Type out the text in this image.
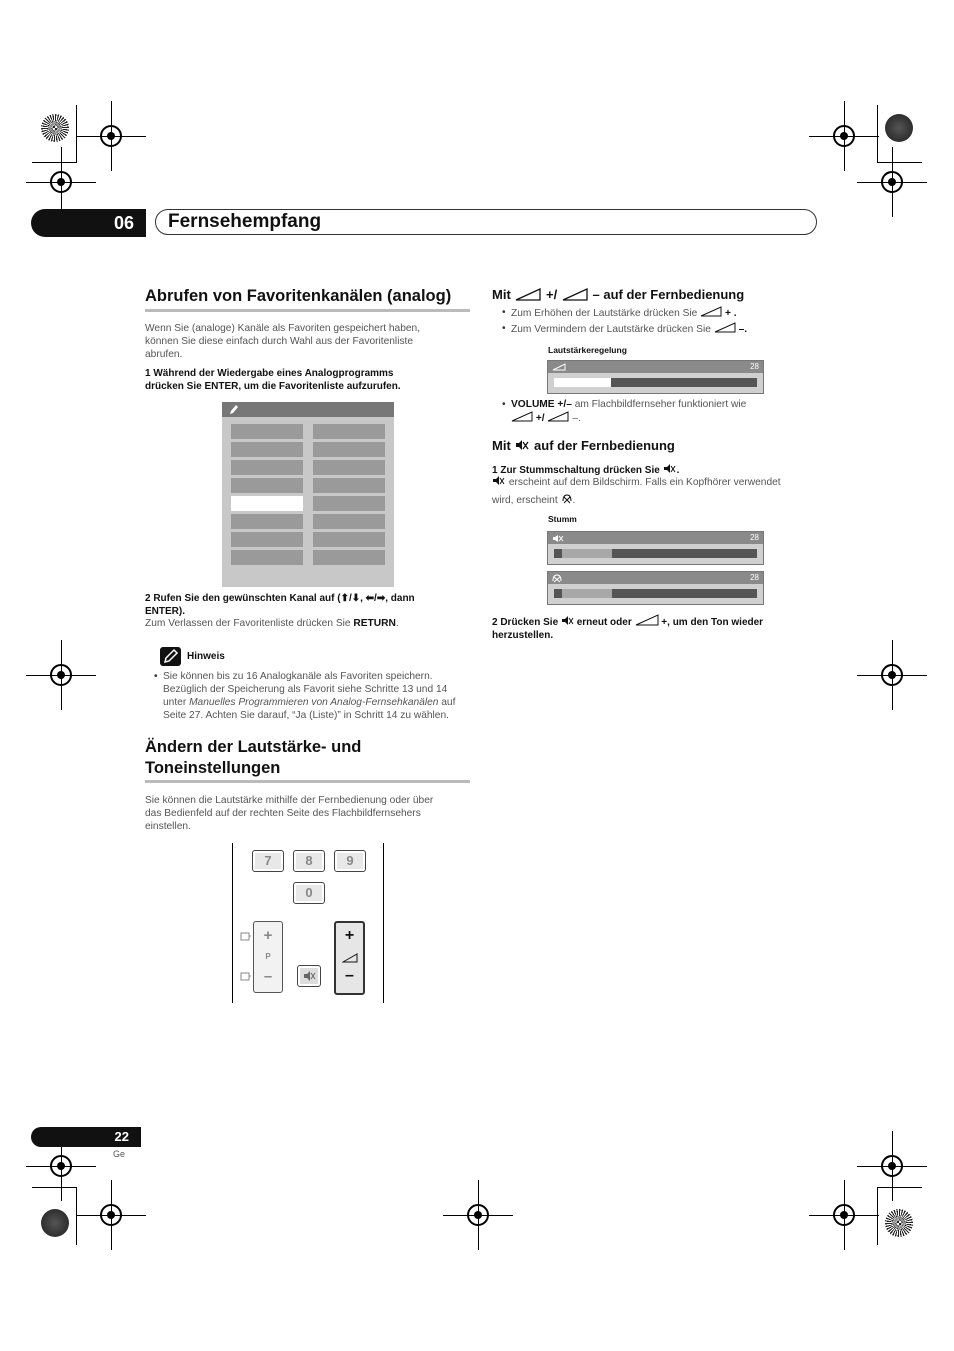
06	Fernsehempfang
Abrufen von Favoritenkanälen (analog)
Wenn Sie (analoge) Kanäle als Favoriten gespeichert haben,
können Sie diese einfach durch Wahl aus der Favoritenliste
abrufen.
1 Während der Wiedergabe eines Analogprogramms
drücken Sie ENTER, um die Favoritenliste aufzurufen.
2 Rufen Sie den gewünschten Kanal auf (⬆/⬇, ⬅/➡, dann
ENTER).
Zum Verlassen der Favoritenliste drücken Sie RETURN.
Hinweis
• Sie können bis zu 16 Analogkanäle als Favoriten speichern.
Bezüglich der Speicherung als Favorit siehe Schritte 13 und 14
unter Manuelles Programmieren von Analog-Fernsehkanälen auf
Seite 27. Achten Sie darauf, “Ja (Liste)” in Schritt 14 zu wählen.
Ändern der Lautstärke- und
Toneinstellungen
Sie können die Lautstärke mithilfe der Fernbedienung oder über
das Bedienfeld auf der rechten Seite des Flachbildfernsehers
einstellen.
7	8	9
0
+
P
–
+
–
Mit	+/	– auf der Fernbedienung
• Zum Erhöhen der Lautstärke drücken Sie	+ .
• Zum Vermindern der Lautstärke drücken Sie	–.
Lautstärkeregelung
28
• VOLUME +/– am Flachbildfernseher funktioniert wie
+/	–.
Mit auf der Fernbedienung
1 Zur Stummschaltung drücken Sie .
erscheint auf dem Bildschirm. Falls ein Kopfhörer verwendet
wird, erscheint .
Stumm
28
28
2 Drücken Sie erneut oder	+, um den Ton wieder
herzustellen.
22
Ge
